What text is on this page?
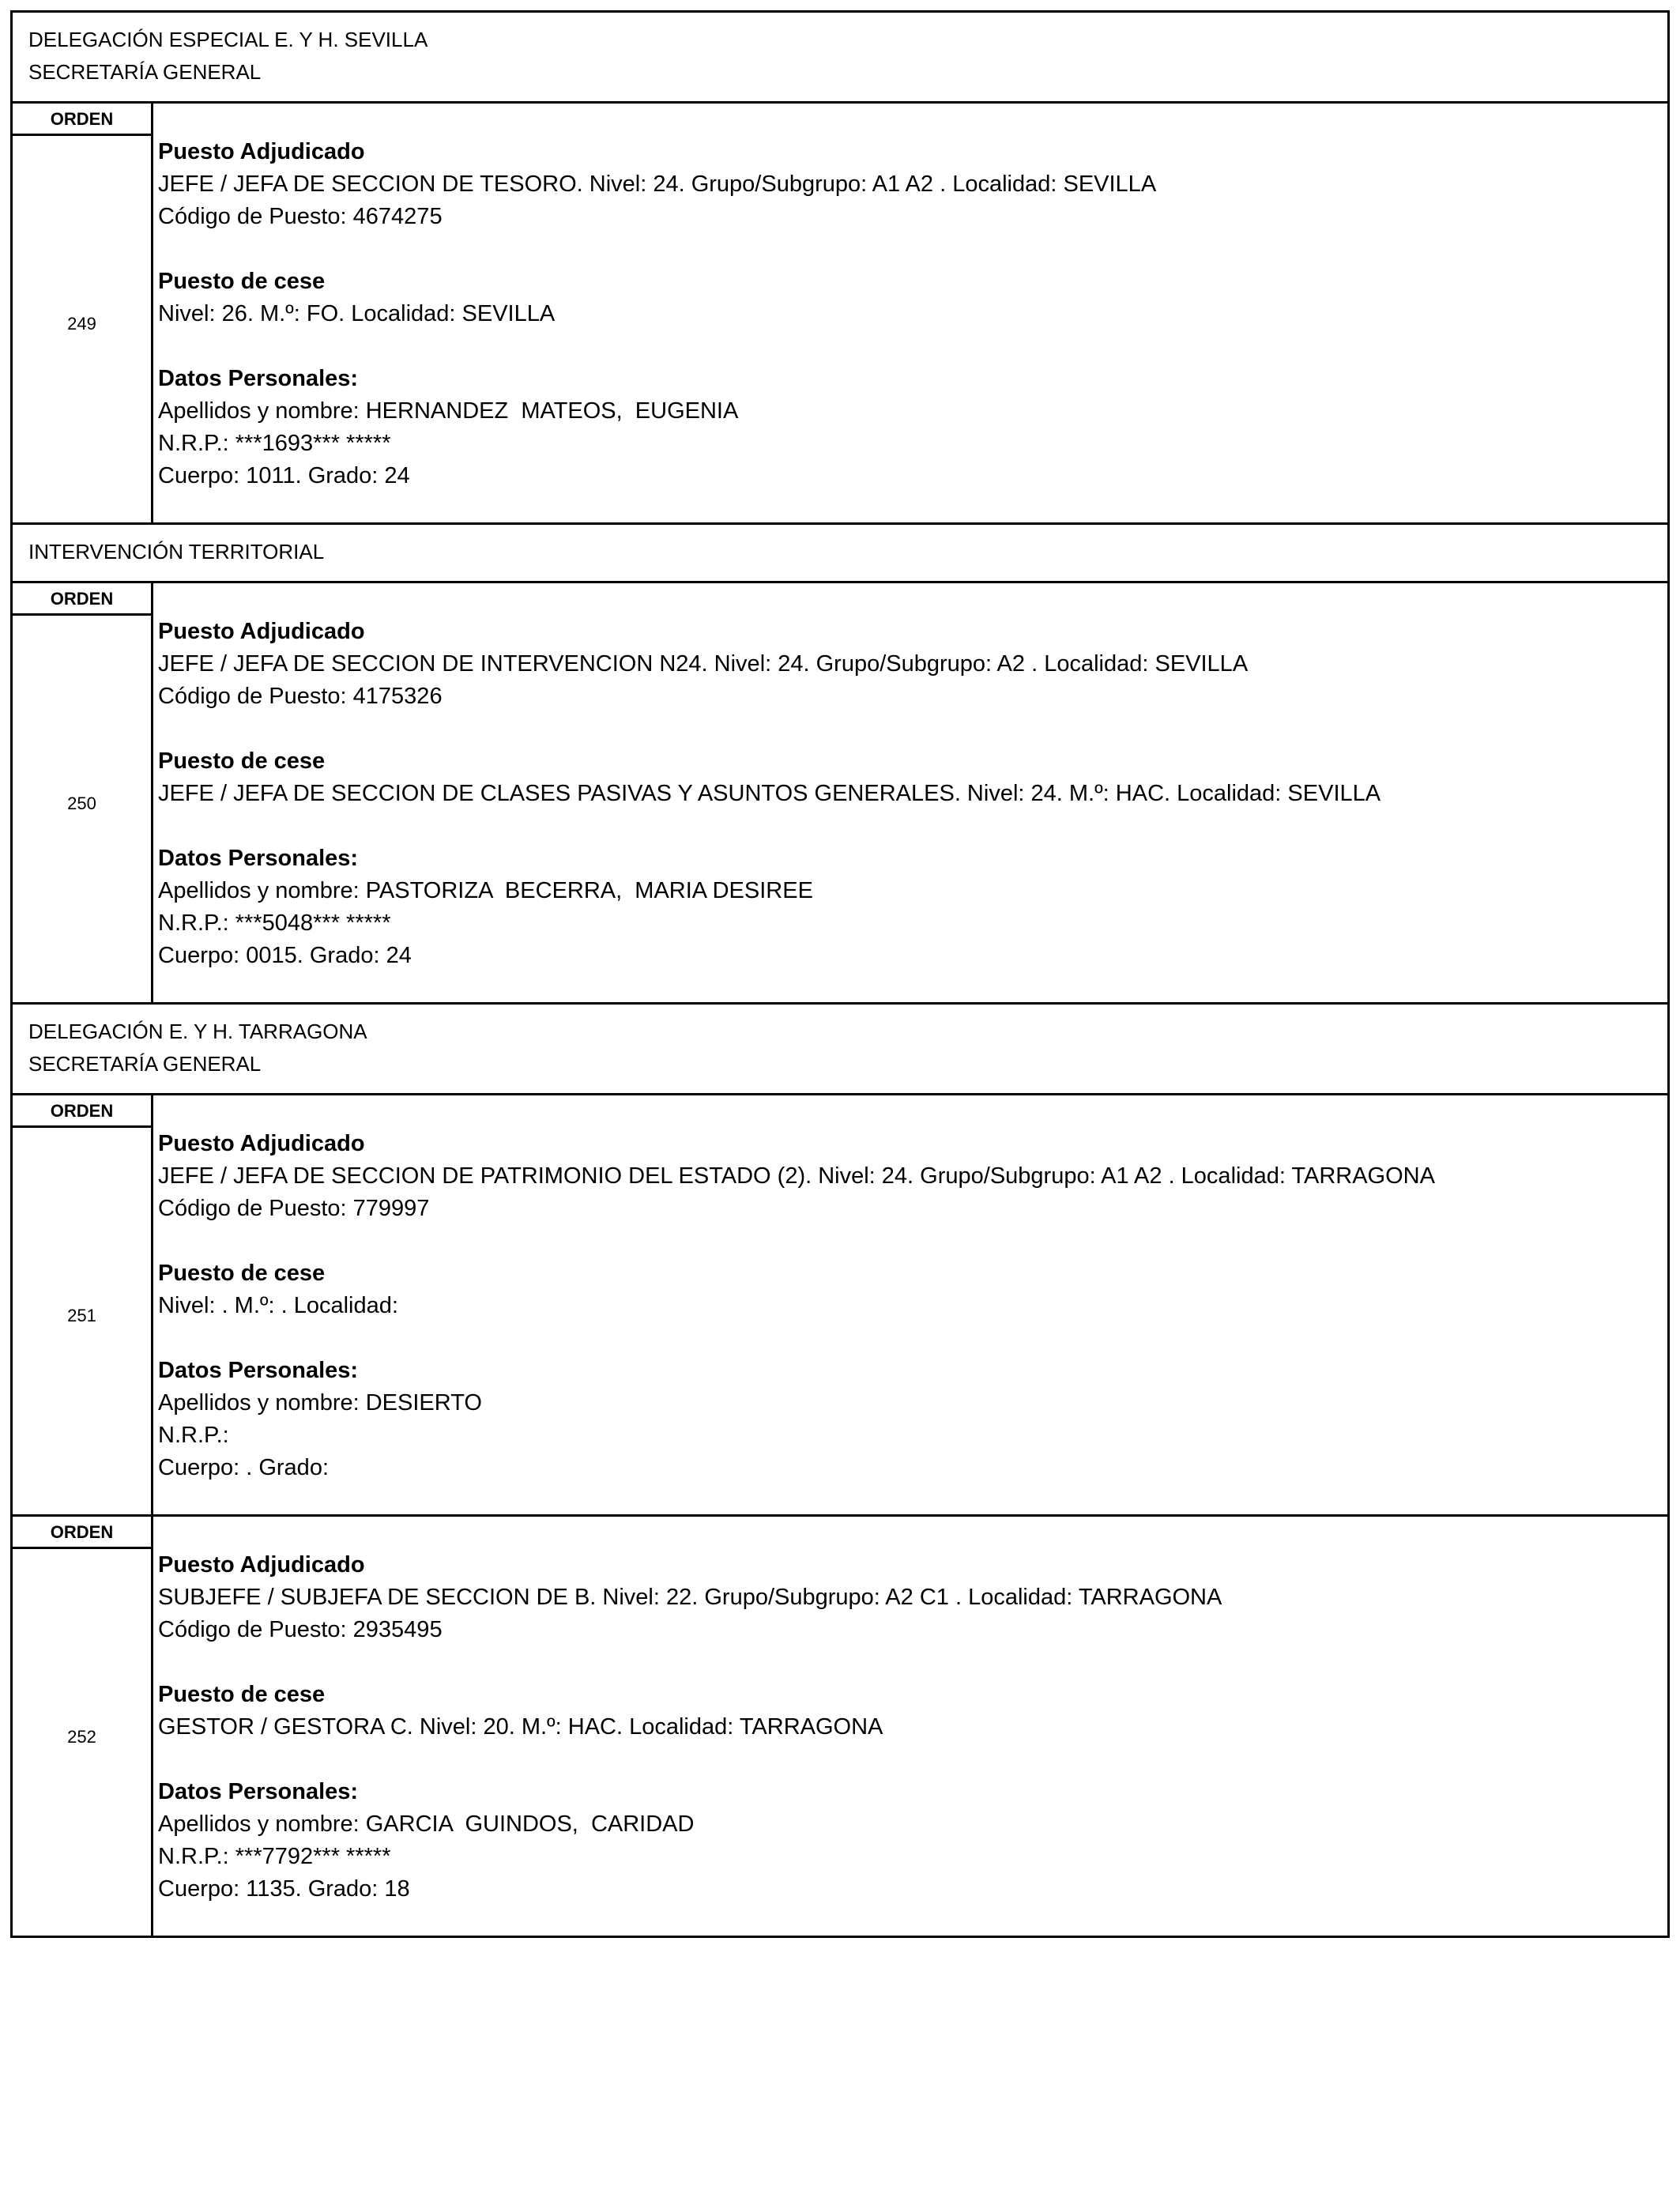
DELEGACIÓN ESPECIAL E. Y H. SEVILLA
SECRETARÍA GENERAL
ORDEN
249
Puesto Adjudicado
JEFE / JEFA DE SECCION DE TESORO. Nivel: 24. Grupo/Subgrupo: A1 A2 . Localidad: SEVILLA
Código de Puesto: 4674275
Puesto de cese
Nivel: 26. M.º: FO. Localidad: SEVILLA
Datos Personales:
Apellidos y nombre: HERNANDEZ  MATEOS,  EUGENIA
N.R.P.: ***1693*** *****
Cuerpo: 1011. Grado: 24
INTERVENCIÓN TERRITORIAL
ORDEN
250
Puesto Adjudicado
JEFE / JEFA DE SECCION DE INTERVENCION N24. Nivel: 24. Grupo/Subgrupo: A2 . Localidad: SEVILLA
Código de Puesto: 4175326
Puesto de cese
JEFE / JEFA DE SECCION DE CLASES PASIVAS Y ASUNTOS GENERALES. Nivel: 24. M.º: HAC. Localidad: SEVILLA
Datos Personales:
Apellidos y nombre: PASTORIZA  BECERRA,  MARIA DESIREE
N.R.P.: ***5048*** *****
Cuerpo: 0015. Grado: 24
DELEGACIÓN E. Y H. TARRAGONA
SECRETARÍA GENERAL
ORDEN
251
Puesto Adjudicado
JEFE / JEFA DE SECCION DE PATRIMONIO DEL ESTADO (2). Nivel: 24. Grupo/Subgrupo: A1 A2 . Localidad: TARRAGONA
Código de Puesto: 779997
Puesto de cese
Nivel: . M.º: . Localidad:
Datos Personales:
Apellidos y nombre: DESIERTO
N.R.P.:
Cuerpo: . Grado:
ORDEN
252
Puesto Adjudicado
SUBJEFE / SUBJEFA DE SECCION DE B. Nivel: 22. Grupo/Subgrupo: A2 C1 . Localidad: TARRAGONA
Código de Puesto: 2935495
Puesto de cese
GESTOR / GESTORA C. Nivel: 20. M.º: HAC. Localidad: TARRAGONA
Datos Personales:
Apellidos y nombre: GARCIA  GUINDOS,  CARIDAD
N.R.P.: ***7792*** *****
Cuerpo: 1135. Grado: 18
